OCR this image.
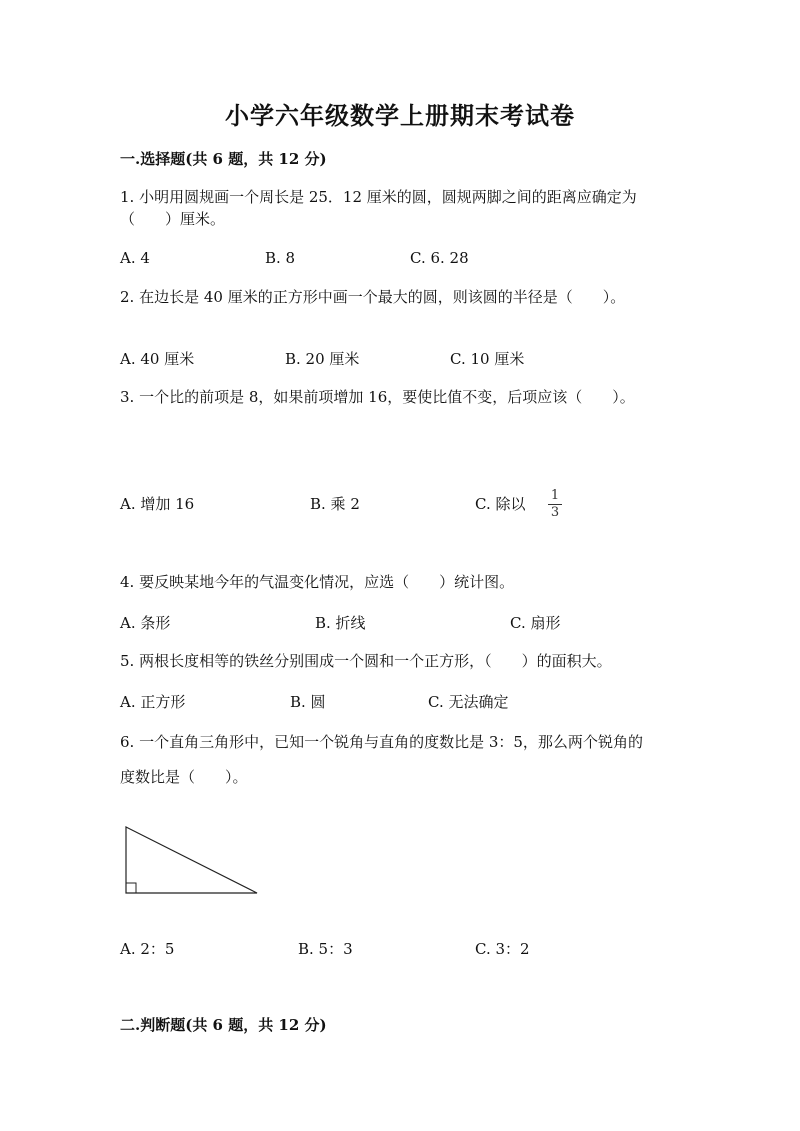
小学六年级数学上册期末考试卷
一.选择题(共 6 题，共 12 分)
1. 小明用圆规画一个周长是 25．12 厘米的圆，圆规两脚之间的距离应确定为
（　　）厘米。
A. 4	B. 8	C. 6. 28
2. 在边长是 40 厘米的正方形中画一个最大的圆，则该圆的半径是（　　）。
A. 40 厘米	B. 20 厘米	C. 10 厘米
3. 一个比的前项是 8，如果前项增加 16，要使比值不变，后项应该（　　）。
A. 增加 16	B. 乘 2	C. 除以 1
3
4. 要反映某地今年的气温变化情况，应选（　　）统计图。
A. 条形	B. 折线	C. 扇形
5. 两根长度相等的铁丝分别围成一个圆和一个正方形，（　　）的面积大。
A. 正方形	B. 圆	C. 无法确定
6. 一个直角三角形中，已知一个锐角与直角的度数比是 3：5，那么两个锐角的
度数比是（　　）。
A. 2：5	B. 5：3	C. 3：2
二.判断题(共 6 题，共 12 分)
